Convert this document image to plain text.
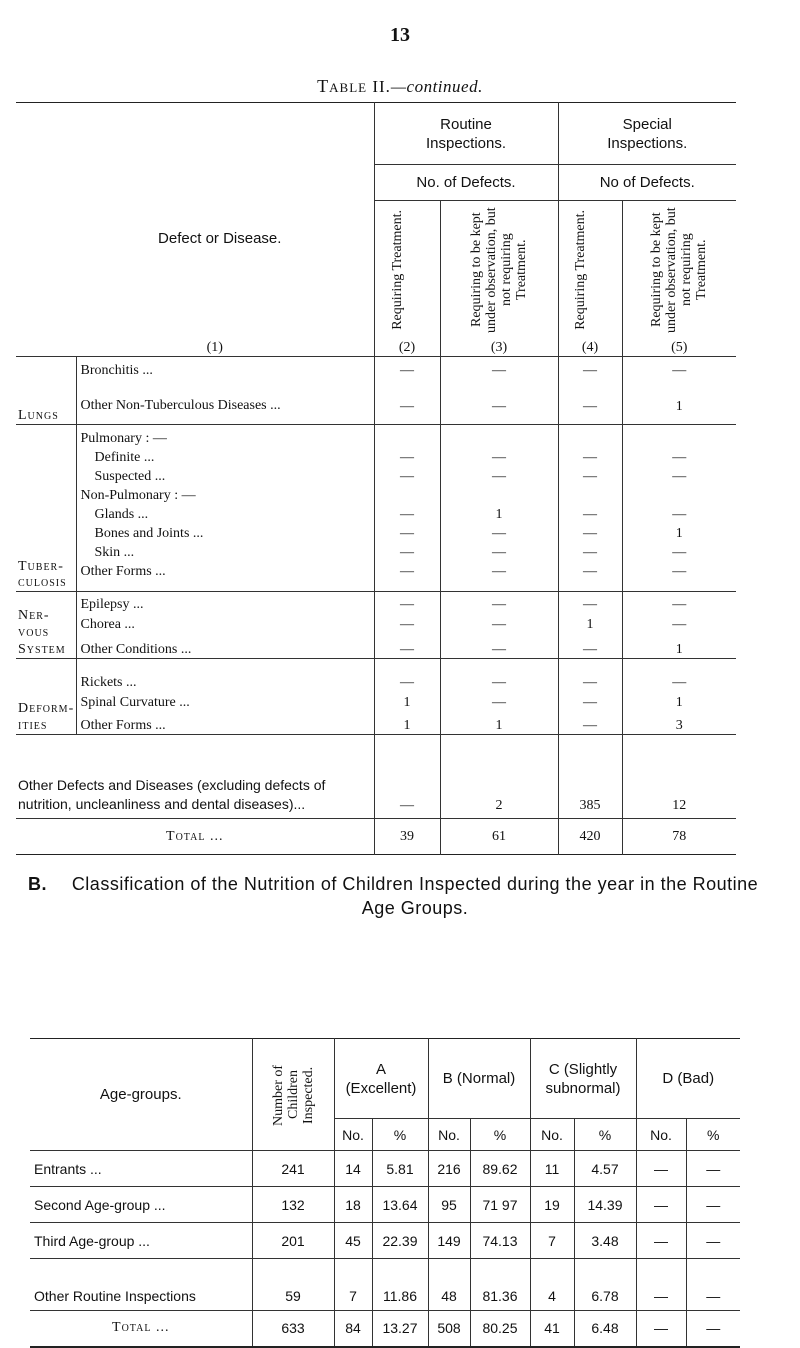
13
Table II.—continued.
Defect or Disease.		Routine Inspections.		Special Inspections.	

		No. of Defects.		No of Defects.	

		Requiring Treatment.	Requiring to be kept under observation, but not requiring Treatment.	Requiring Treatment.	Requiring to be kept under observation, but not requiring Treatment.

(1)		(2)	(3)	(4)	(5)
Lungs	Bronchitis ...	—	—	—	—
	Other Non-Tuberculous Diseases ...	—	—	—	1

Tuber-culosis	Pulmonary : —				
	Definite ...	—	—	—	—
	Suspected ...	—	—	—	—
	Non-Pulmonary : —				
	Glands ...	—	1	—	—
	Bones and Joints ...	—	—	—	1
	Skin ...	—	—	—	—
	Other Forms ...	—	—	—	—

Ner-vous System	Epilepsy ...	—	—	—	—
	Chorea ...	—	—	1	—
	Other Conditions ...	—	—	—	1
Deform-ities	Rickets ...	—	—	—	—
	Spinal Curvature ...	1	—	—	1
	Other Forms ...	1	1	—	3
Other Defects and Diseases (excluding defects of nutrition, uncleanliness and dental diseases)...		—	2	385	12
Total ...		39	61	420	78
B.	Classification of the Nutrition of Children Inspected during the year in the Routine Age Groups.
Age-groups.	Number of Children Inspected.	A (Excellent)		B (Normal)		C (Slightly subnormal)		D (Bad)	

		No.	%	No.	%	No.	%	No.	%
Entrants ...	241	14	5.81	216	89.62	11	4.57	—	—
Second Age-group ...	132	18	13.64	95	71 97	19	14.39	—	—
Third Age-group ...	201	45	22.39	149	74.13	7	3.48	—	—

Other Routine Inspections	59	7	11.86	48	81.36	4	6.78	—	—
Total ...	633	84	13.27	508	80.25	41	6.48	—	—
